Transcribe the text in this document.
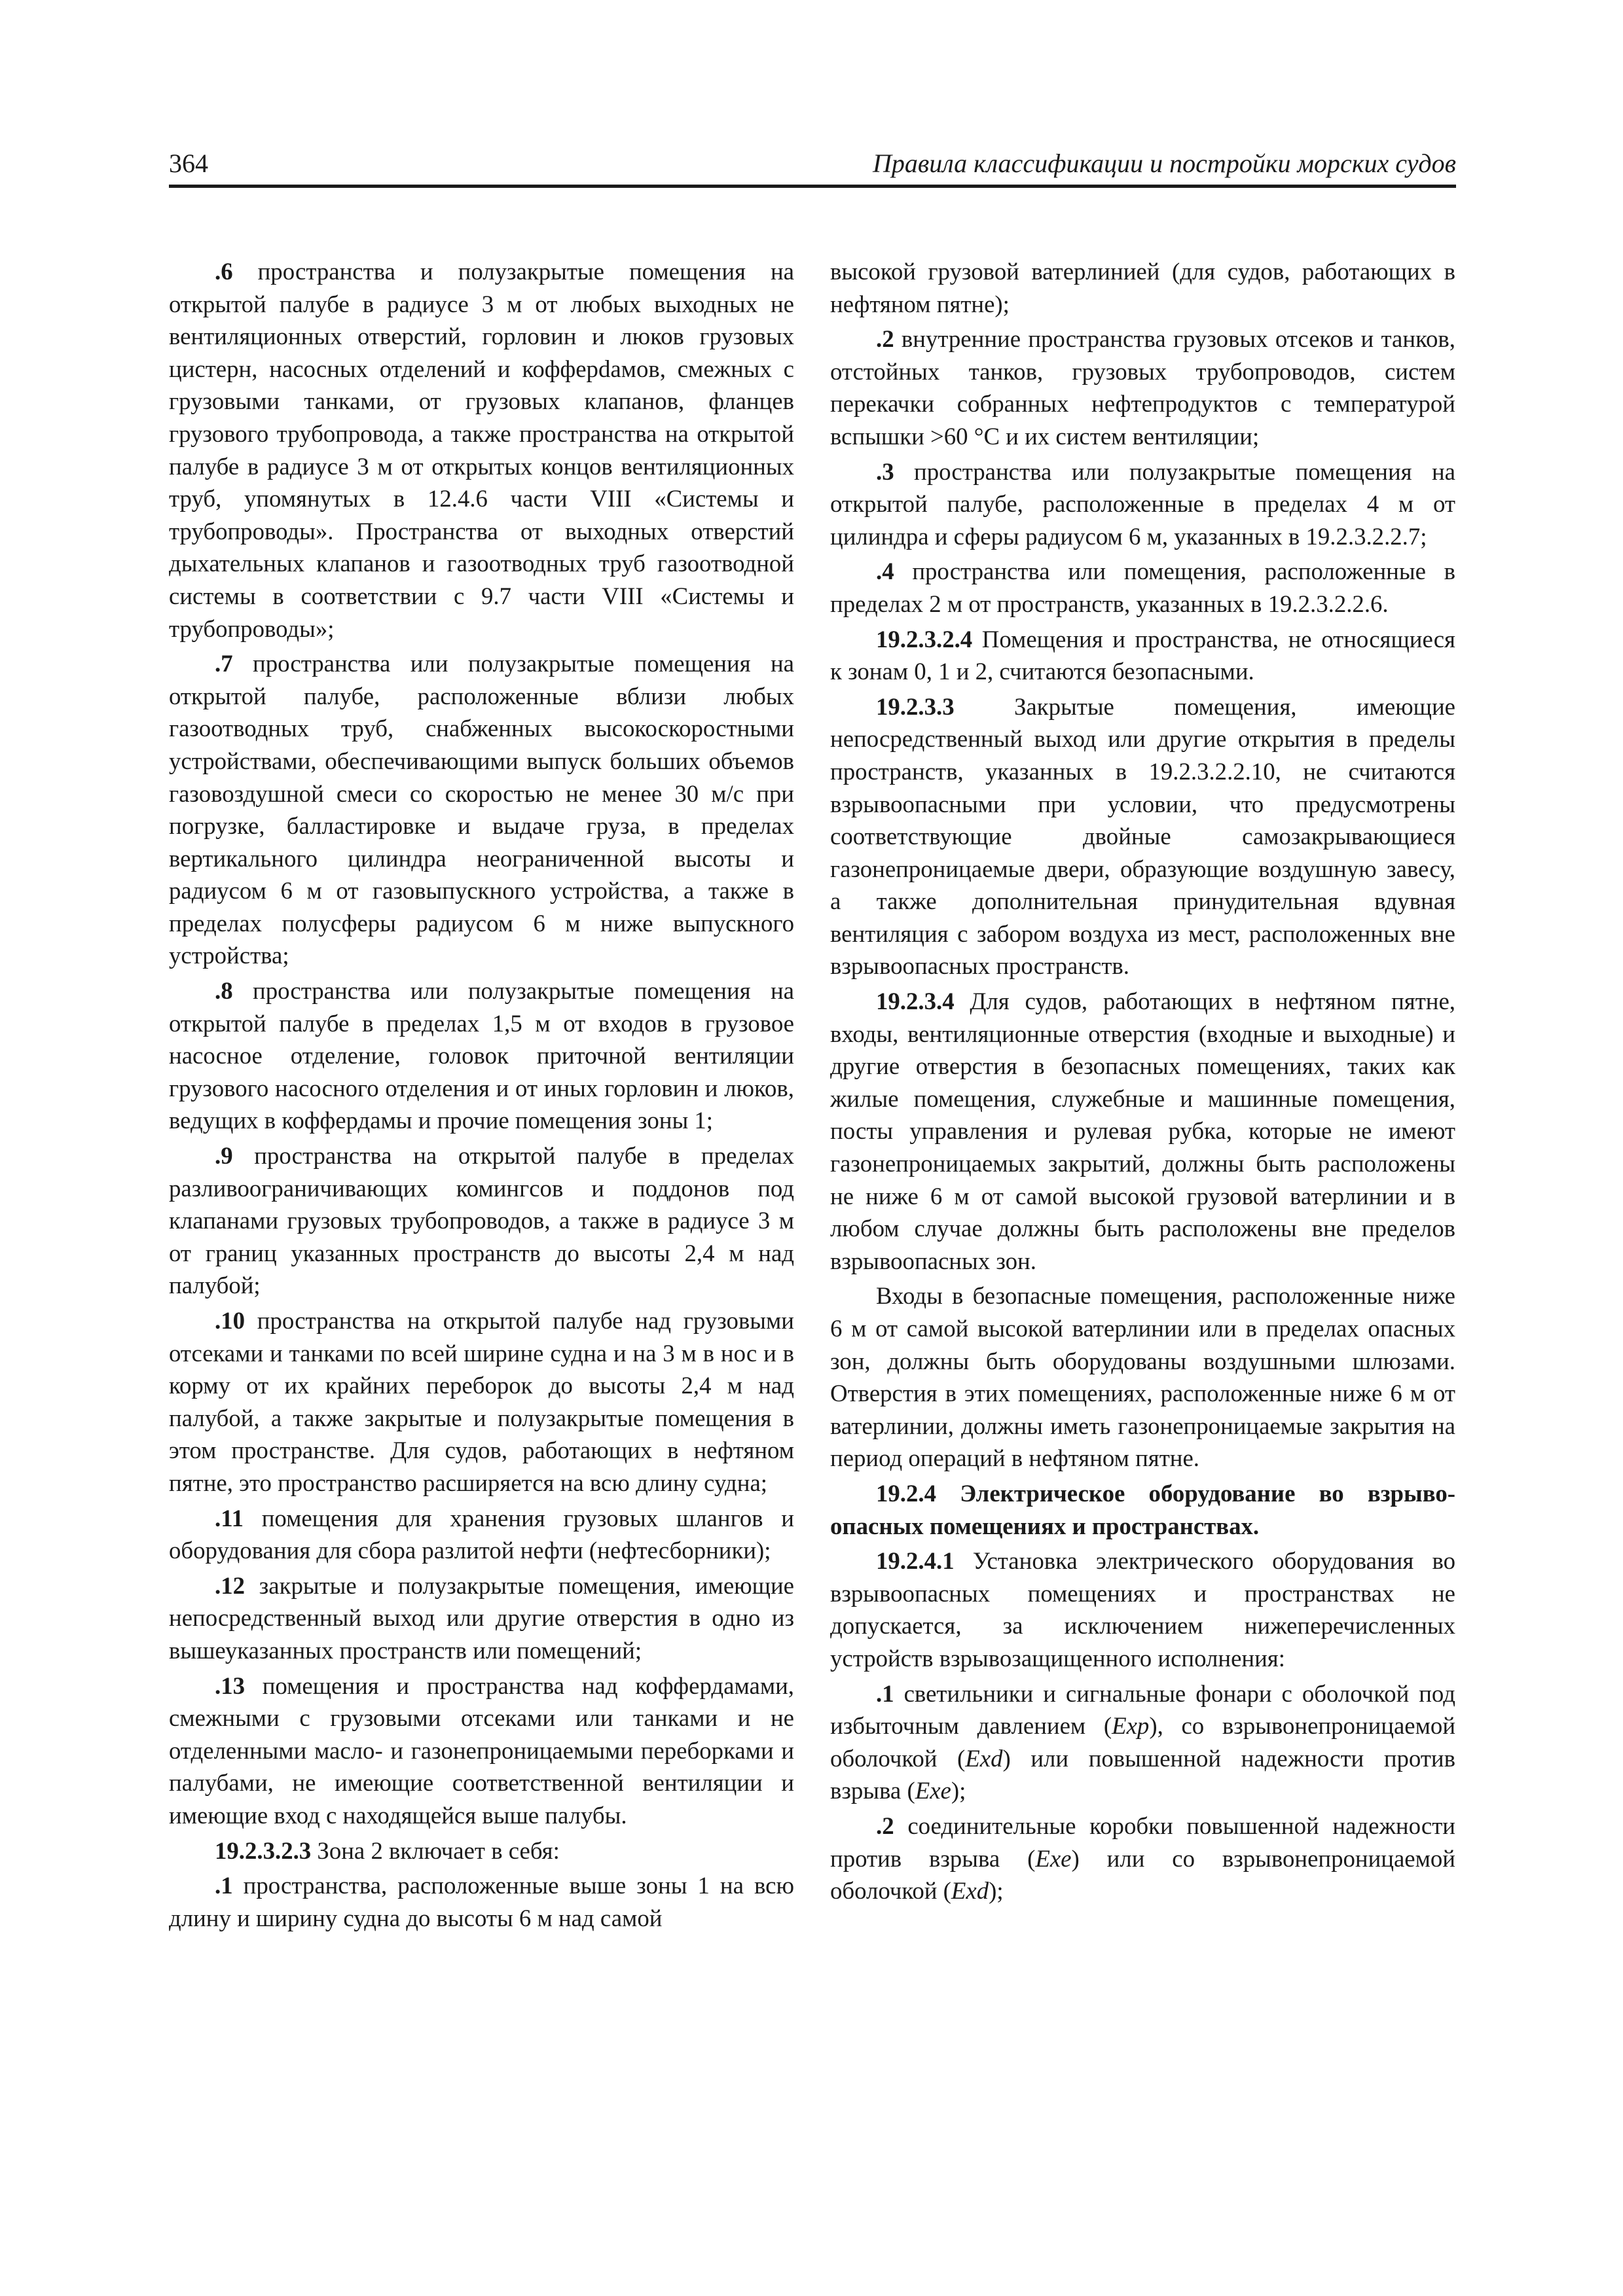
364	Правила классификации и постройки морских судов

.6 пространства и полузакрытые помещения на открытой палубе в радиусе 3 м от любых выходных не вентиляционных отверстий, горловин и люков грузовых цистерн, насосных отделений и кофферdамов, смежных с грузовыми танками, от грузовых клапанов, фланцев грузового трубопровода, а также пространства на открытой палубе в радиусе 3 м от открытых концов вентиляционных труб, упомянутых в 12.4.6 части VIII «Системы и трубопроводы». Пространства от выходных отверстий дыхательных клапанов и газоотводных труб газоотводной системы в соответствии с 9.7 части VIII «Системы и трубопроводы»;

.7 пространства или полузакрытые помещения на открытой палубе, расположенные вблизи любых газоотводных труб, снабженных высокоскоростными устройствами, обеспечивающими выпуск больших объемов газовоздушной смеси со скоростью не менее 30 м/с при погрузке, балластировке и выдаче груза, в пределах вертикального цилиндра неограниченной высоты и радиусом 6 м от газовыпускного устройства, а также в пределах полусферы радиусом 6 м ниже выпускного устройства;

.8 пространства или полузакрытые помещения на открытой палубе в пределах 1,5 м от входов в грузовое насосное отделение, головок приточной вентиляции грузового насосного отделения и от иных горловин и люков, ведущих в коффердамы и прочие помещения зоны 1;

.9 пространства на открытой палубе в пределах разливоограничивающих комингсов и поддонов под клапанами грузовых трубопроводов, а также в радиусе 3 м от границ указанных пространств до высоты 2,4 м над палубой;

.10 пространства на открытой палубе над грузовыми отсеками и танками по всей ширине судна и на 3 м в нос и в корму от их крайних переборок до высоты 2,4 м над палубой, а также закрытые и полузакрытые помещения в этом пространстве. Для судов, работающих в нефтяном пятне, это пространство расширяется на всю длину судна;

.11 помещения для хранения грузовых шлангов и оборудования для сбора разлитой нефти (нефтесборники);

.12 закрытые и полузакрытые помещения, имеющие непосредственный выход или другие отверстия в одно из вышеуказанных пространств или помещений;

.13 помещения и пространства над коффердaмами, смежными с грузовыми отсеками или танками и не отделенными масло- и газонепроницаемыми переборками и палубами, не имеющие соответственной вентиляции и имеющие вход с находящейся выше палубы.

19.2.3.2.3 Зона 2 включает в себя:

.1 пространства, расположенные выше зоны 1 на всю длину и ширину судна до высоты 6 м над самой

высокой грузовой ватерлинией (для судов, работающих в нефтяном пятне);

.2 внутренние пространства грузовых отсеков и танков, отстойных танков, грузовых трубопроводов, систем перекачки собранных нефтепродуктов с температурой вспышки >60 °С и их систем вентиляции;

.3 пространства или полузакрытые помещения на открытой палубе, расположенные в пределах 4 м от цилиндра и сферы радиусом 6 м, указанных в 19.2.3.2.2.7;

.4 пространства или помещения, расположенные в пределах 2 м от пространств, указанных в 19.2.3.2.2.6.

19.2.3.2.4 Помещения и пространства, не относящиеся к зонам 0, 1 и 2, считаются безопасными.

19.2.3.3 Закрытые помещения, имеющие непосредственный выход или другие открытия в пределы пространств, указанных в 19.2.3.2.2.10, не считаются взрывоопасными при условии, что предусмотрены соответствующие двойные самозакрывающиеся газонепроницаемые двери, образующие воздушную завесу, а также дополнительная принудительная вдувная вентиляция с забором воздуха из мест, расположенных вне взрывоопасных пространств.

19.2.3.4 Для судов, работающих в нефтяном пятне, входы, вентиляционные отверстия (входные и выходные) и другие отверстия в безопасных помещениях, таких как жилые помещения, служебные и машинные помещения, посты управления и рулевая рубка, которые не имеют газонепроницаемых закрытий, должны быть расположены не ниже 6 м от самой высокой грузовой ватерлинии и в любом случае должны быть расположены вне пределов взрывоопасных зон.

Входы в безопасные помещения, расположенные ниже 6 м от самой высокой ватерлинии или в пределах опасных зон, должны быть оборудованы воздушными шлюзами. Отверстия в этих помещениях, расположенные ниже 6 м от ватерлинии, должны иметь газонепроницаемые закрытия на период операций в нефтяном пятне.

19.2.4 Электрическое оборудование во взрывоопасных помещениях и пространствах.

19.2.4.1 Установка электрического оборудования во взрывоопасных помещениях и пространствах не допускается, за исключением нижеперечисленных устройств взрывозащищенного исполнения:

.1 светильники и сигнальные фонари с оболочкой под избыточным давлением (Exp), со взрывонепроницаемой оболочкой (Exd) или повышенной надежности против взрыва (Exe);

.2 соединительные коробки повышенной надежности против взрыва (Exe) или со взрывонепроницаемой оболочкой (Exd);
